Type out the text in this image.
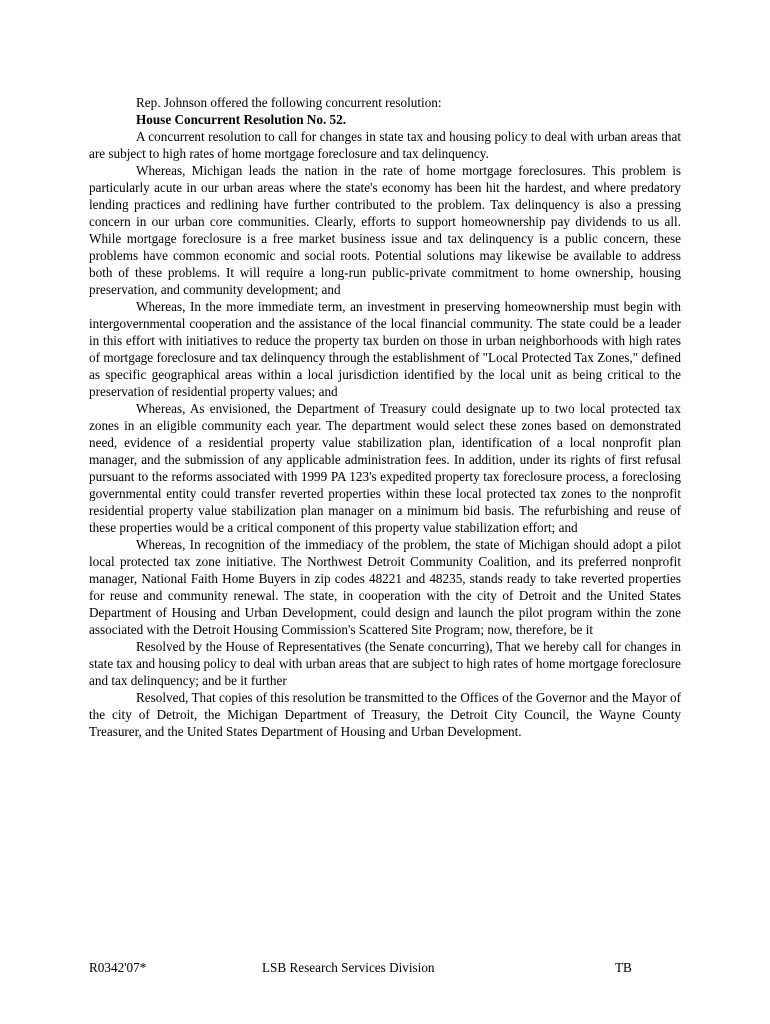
Rep. Johnson offered the following concurrent resolution:

House Concurrent Resolution No. 52.

A concurrent resolution to call for changes in state tax and housing policy to deal with urban areas that are subject to high rates of home mortgage foreclosure and tax delinquency.

Whereas, Michigan leads the nation in the rate of home mortgage foreclosures. This problem is particularly acute in our urban areas where the state's economy has been hit the hardest, and where predatory lending practices and redlining have further contributed to the problem. Tax delinquency is also a pressing concern in our urban core communities. Clearly, efforts to support homeownership pay dividends to us all. While mortgage foreclosure is a free market business issue and tax delinquency is a public concern, these problems have common economic and social roots. Potential solutions may likewise be available to address both of these problems. It will require a long-run public-private commitment to home ownership, housing preservation, and community development; and

Whereas, In the more immediate term, an investment in preserving homeownership must begin with intergovernmental cooperation and the assistance of the local financial community. The state could be a leader in this effort with initiatives to reduce the property tax burden on those in urban neighborhoods with high rates of mortgage foreclosure and tax delinquency through the establishment of "Local Protected Tax Zones," defined as specific geographical areas within a local jurisdiction identified by the local unit as being critical to the preservation of residential property values; and

Whereas, As envisioned, the Department of Treasury could designate up to two local protected tax zones in an eligible community each year. The department would select these zones based on demonstrated need, evidence of a residential property value stabilization plan, identification of a local nonprofit plan manager, and the submission of any applicable administration fees. In addition, under its rights of first refusal pursuant to the reforms associated with 1999 PA 123's expedited property tax foreclosure process, a foreclosing governmental entity could transfer reverted properties within these local protected tax zones to the nonprofit residential property value stabilization plan manager on a minimum bid basis. The refurbishing and reuse of these properties would be a critical component of this property value stabilization effort; and

Whereas, In recognition of the immediacy of the problem, the state of Michigan should adopt a pilot local protected tax zone initiative. The Northwest Detroit Community Coalition, and its preferred nonprofit manager, National Faith Home Buyers in zip codes 48221 and 48235, stands ready to take reverted properties for reuse and community renewal. The state, in cooperation with the city of Detroit and the United States Department of Housing and Urban Development, could design and launch the pilot program within the zone associated with the Detroit Housing Commission's Scattered Site Program; now, therefore, be it

Resolved by the House of Representatives (the Senate concurring), That we hereby call for changes in state tax and housing policy to deal with urban areas that are subject to high rates of home mortgage foreclosure and tax delinquency; and be it further

Resolved, That copies of this resolution be transmitted to the Offices of the Governor and the Mayor of the city of Detroit, the Michigan Department of Treasury, the Detroit City Council, the Wayne County Treasurer, and the United States Department of Housing and Urban Development.

R0342'07*	LSB Research Services Division	TB
